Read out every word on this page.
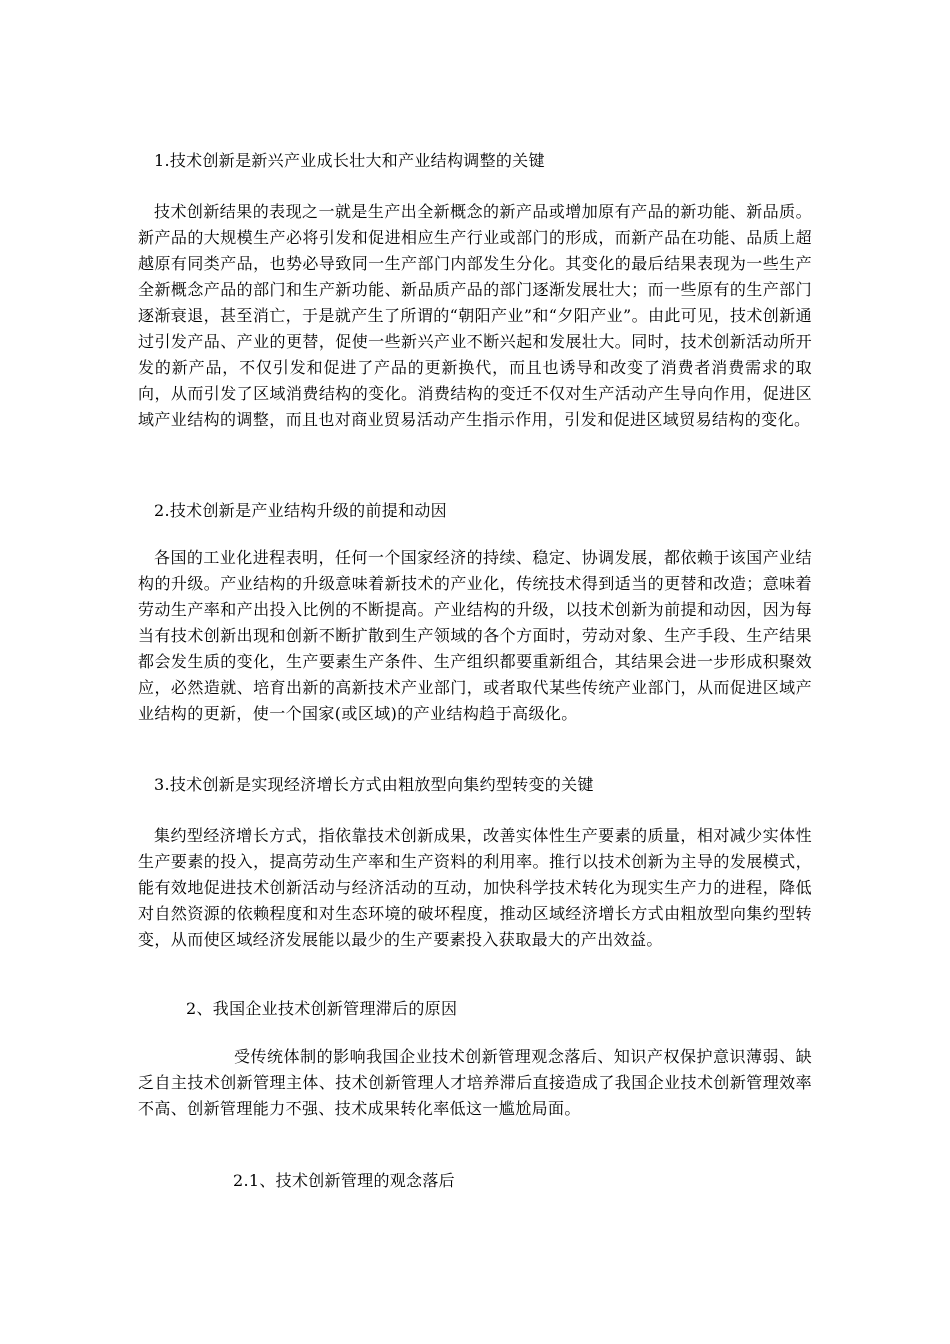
1.技术创新是新兴产业成长壮大和产业结构调整的关键

技术创新结果的表现之一就是生产出全新概念的新产品或增加原有产品的新功能、新品质。新产品的大规模生产必将引发和促进相应生产行业或部门的形成，而新产品在功能、品质上超越原有同类产品，也势必导致同一生产部门内部发生分化。其变化的最后结果表现为一些生产全新概念产品的部门和生产新功能、新品质产品的部门逐渐发展壮大；而一些原有的生产部门逐渐衰退，甚至消亡，于是就产生了所谓的“朝阳产业”和“夕阳产业”。由此可见，技术创新通过引发产品、产业的更替，促使一些新兴产业不断兴起和发展壮大。同时，技术创新活动所开发的新产品，不仅引发和促进了产品的更新换代，而且也诱导和改变了消费者消费需求的取向，从而引发了区域消费结构的变化。消费结构的变迁不仅对生产活动产生导向作用，促进区域产业结构的调整，而且也对商业贸易活动产生指示作用，引发和促进区域贸易结构的变化。

2.技术创新是产业结构升级的前提和动因

各国的工业化进程表明，任何一个国家经济的持续、稳定、协调发展，都依赖于该国产业结构的升级。产业结构的升级意味着新技术的产业化，传统技术得到适当的更替和改造；意味着劳动生产率和产出投入比例的不断提高。产业结构的升级，以技术创新为前提和动因，因为每当有技术创新出现和创新不断扩散到生产领域的各个方面时，劳动对象、生产手段、生产结果都会发生质的变化，生产要素生产条件、生产组织都要重新组合，其结果会进一步形成积聚效应，必然造就、培育出新的高新技术产业部门，或者取代某些传统产业部门，从而促进区域产业结构的更新，使一个国家(或区域)的产业结构趋于高级化。

3.技术创新是实现经济增长方式由粗放型向集约型转变的关键

集约型经济增长方式，指依靠技术创新成果，改善实体性生产要素的质量，相对减少实体性生产要素的投入，提高劳动生产率和生产资料的利用率。推行以技术创新为主导的发展模式，能有效地促进技术创新活动与经济活动的互动，加快科学技术转化为现实生产力的进程，降低对自然资源的依赖程度和对生态环境的破坏程度，推动区域经济增长方式由粗放型向集约型转变，从而使区域经济发展能以最少的生产要素投入获取最大的产出效益。

2、我国企业技术创新管理滞后的原因

受传统体制的影响我国企业技术创新管理观念落后、知识产权保护意识薄弱、缺乏自主技术创新管理主体、技术创新管理人才培养滞后直接造成了我国企业技术创新管理效率不高、创新管理能力不强、技术成果转化率低这一尴尬局面。

2.1、技术创新管理的观念落后
